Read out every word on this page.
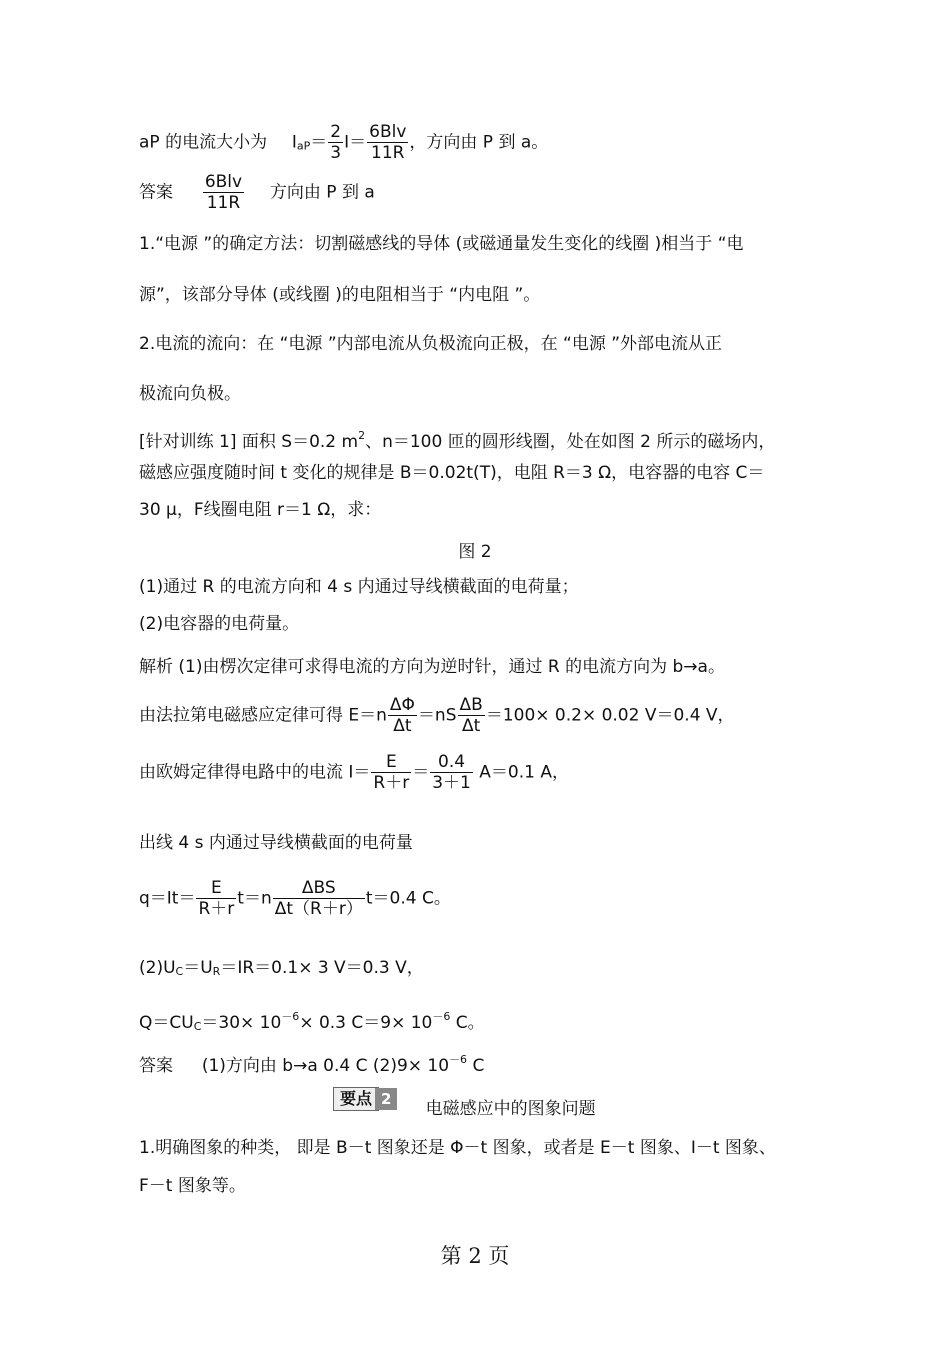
aP 的电流大小为 $I_{aP}= \frac{2}{3} I= \frac{\text{6Blv}}{11R}$ ，方向由 P 到 a。
答案 $\frac{\text{6Blv}}{11R}$ 方向由 P 到 a
1.“电源 ”的确定方法：切割磁感线的导体 (或磁通量发生变化的线圈 )相当于 “电
源”，该部分导体 (或线圈 )的电阻相当于 “内电阻 ”。
2.电流的流向：在 “电源 ”内部电流从负极流向正极，在 “电源 ”外部电流从正
极流向负极。
[针对训练 1] 面积 S＝0.2 $m^2$、n＝100 匝的圆形线圈，处在如图 2 所示的磁场内，
磁感应强度随时间 t 变化的规律是 B＝0.02t(T)，电阻 R＝3 Ω，电容器的电容 C＝
30 μ，F线圈电阻 r＝1 Ω，求：
图 2
(1)通过 R 的电流方向和 4 s 内通过导线横截面的电荷量；
(2)电容器的电荷量。
解析 (1)由楞次定律可求得电流的方向为逆时针，通过 R 的电流方向为 b→a。
由法拉第电磁感应定律可得 $E=n \frac{\Delta\Phi}{\Delta t} =nS \frac{\Delta B}{\Delta t} =100\times 0.2\times 0.02$ V＝0.4 V，
由欧姆定律得电路中的电流 $I= \frac{E}{R+r} = \frac{0.4}{3+1} A=0.1$ A，
出线 4 s 内通过导线横截面的电荷量
$q=It= \frac{E}{R+r} t=n \frac{\text{ΔBS}}{\Delta t(R+r)} t=0.4$ C。
$(2)U_C=U_R=IR=0.1\times 3$ V＝0.3 V，
$Q=CU_C=30\times 10^{-6}\times 0.3$ $C=9\times 10^{-6}$ C。
答案 (1)方向由 b→a 0.4 C $(2)9\times 10^{-6}$ C
要点 2  电磁感应中的图象问题
1.明确图象的种类， 即是 B－t 图象还是 Φ－t 图象，或者是 E－t 图象、I－t 图象、
F－t 图象等。
第 2 页
